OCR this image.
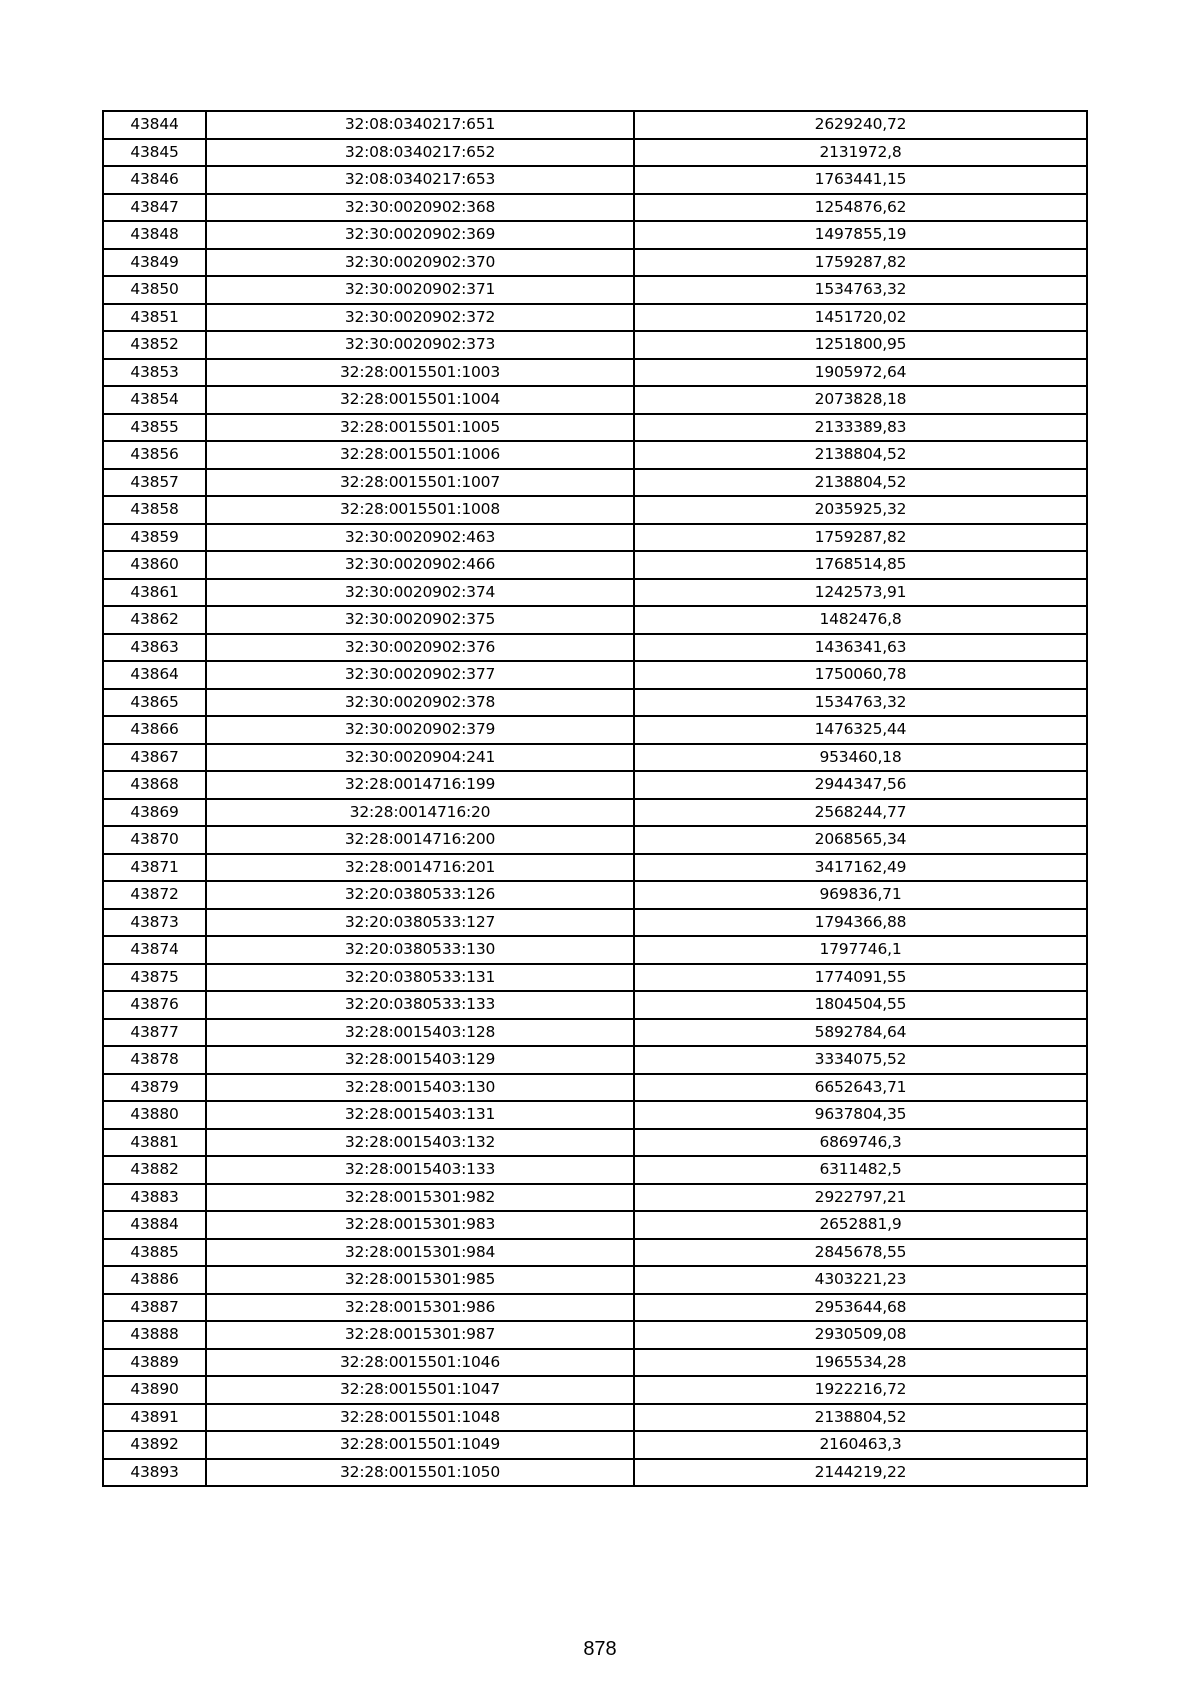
43844	32:08:0340217:651	2629240,72
43845	32:08:0340217:652	2131972,8
43846	32:08:0340217:653	1763441,15
43847	32:30:0020902:368	1254876,62
43848	32:30:0020902:369	1497855,19
43849	32:30:0020902:370	1759287,82
43850	32:30:0020902:371	1534763,32
43851	32:30:0020902:372	1451720,02
43852	32:30:0020902:373	1251800,95
43853	32:28:0015501:1003	1905972,64
43854	32:28:0015501:1004	2073828,18
43855	32:28:0015501:1005	2133389,83
43856	32:28:0015501:1006	2138804,52
43857	32:28:0015501:1007	2138804,52
43858	32:28:0015501:1008	2035925,32
43859	32:30:0020902:463	1759287,82
43860	32:30:0020902:466	1768514,85
43861	32:30:0020902:374	1242573,91
43862	32:30:0020902:375	1482476,8
43863	32:30:0020902:376	1436341,63
43864	32:30:0020902:377	1750060,78
43865	32:30:0020902:378	1534763,32
43866	32:30:0020902:379	1476325,44
43867	32:30:0020904:241	953460,18
43868	32:28:0014716:199	2944347,56
43869	32:28:0014716:20	2568244,77
43870	32:28:0014716:200	2068565,34
43871	32:28:0014716:201	3417162,49
43872	32:20:0380533:126	969836,71
43873	32:20:0380533:127	1794366,88
43874	32:20:0380533:130	1797746,1
43875	32:20:0380533:131	1774091,55
43876	32:20:0380533:133	1804504,55
43877	32:28:0015403:128	5892784,64
43878	32:28:0015403:129	3334075,52
43879	32:28:0015403:130	6652643,71
43880	32:28:0015403:131	9637804,35
43881	32:28:0015403:132	6869746,3
43882	32:28:0015403:133	6311482,5
43883	32:28:0015301:982	2922797,21
43884	32:28:0015301:983	2652881,9
43885	32:28:0015301:984	2845678,55
43886	32:28:0015301:985	4303221,23
43887	32:28:0015301:986	2953644,68
43888	32:28:0015301:987	2930509,08
43889	32:28:0015501:1046	1965534,28
43890	32:28:0015501:1047	1922216,72
43891	32:28:0015501:1048	2138804,52
43892	32:28:0015501:1049	2160463,3
43893	32:28:0015501:1050	2144219,22
878
